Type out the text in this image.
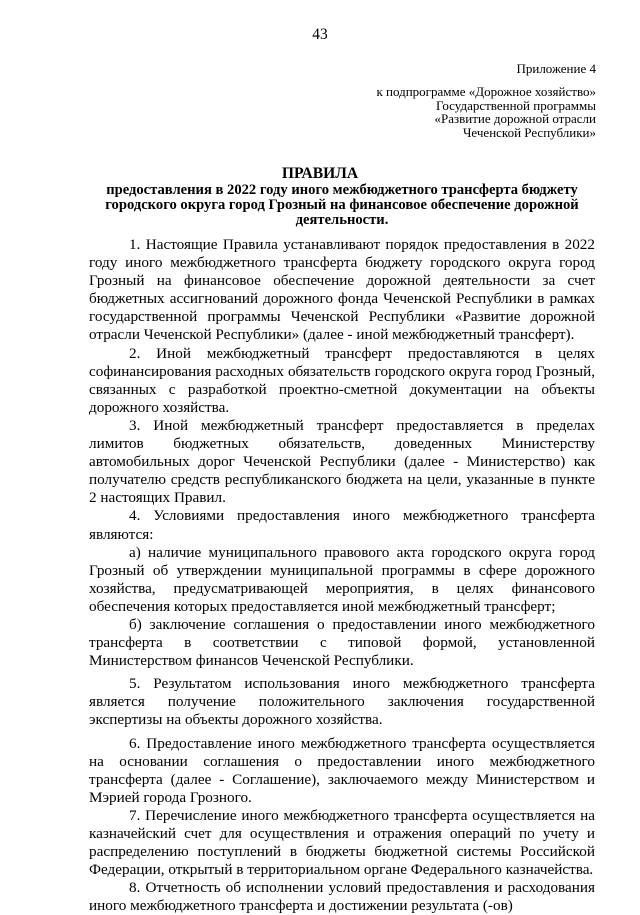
43
Приложение 4
к подпрограмме «Дорожное хозяйство»
Государственной программы
«Развитие дорожной отрасли
Чеченской Республики»
ПРАВИЛА
предоставления в 2022 году иного межбюджетного трансферта бюджету городского округа город Грозный на финансовое обеспечение дорожной деятельности.

1. Настоящие Правила устанавливают порядок предоставления в 2022 году иного межбюджетного трансферта бюджету городского округа город Грозный на финансовое обеспечение дорожной деятельности за счет бюджетных ассигнований дорожного фонда Чеченской Республики в рамках государственной программы Чеченской Республики «Развитие дорожной отрасли Чеченской Республики» (далее - иной межбюджетный трансферт).

2. Иной межбюджетный трансферт предоставляются в целях софинансирования расходных обязательств городского округа город Грозный, связанных с разработкой проектно-сметной документации на объекты дорожного хозяйства.

3. Иной межбюджетный трансферт предоставляется в пределах лимитов бюджетных обязательств, доведенных Министерству автомобильных дорог Чеченской Республики (далее - Министерство) как получателю средств республиканского бюджета на цели, указанные в пункте 2 настоящих Правил.

4. Условиями предоставления иного межбюджетного трансферта являются:

а) наличие муниципального правового акта городского округа город Грозный об утверждении муниципальной программы в сфере дорожного хозяйства, предусматривающей мероприятия, в целях финансового обеспечения которых предоставляется иной межбюджетный трансферт;

б) заключение соглашения о предоставлении иного межбюджетного трансферта в соответствии с типовой формой, установленной Министерством финансов Чеченской Республики.

5. Результатом использования иного межбюджетного трансферта является получение положительного заключения государственной экспертизы на объекты дорожного хозяйства.

6. Предоставление иного межбюджетного трансферта осуществляется на основании соглашения о предоставлении иного межбюджетного трансферта (далее - Соглашение), заключаемого между Министерством и Мэрией города Грозного.

7. Перечисление иного межбюджетного трансферта осуществляется на казначейский счет для осуществления и отражения операций по учету и распределению поступлений в бюджеты бюджетной системы Российской Федерации, открытый в территориальном органе Федерального казначейства.

8. Отчетность об исполнении условий предоставления и расходования иного межбюджетного трансферта и достижении результата (-ов)
